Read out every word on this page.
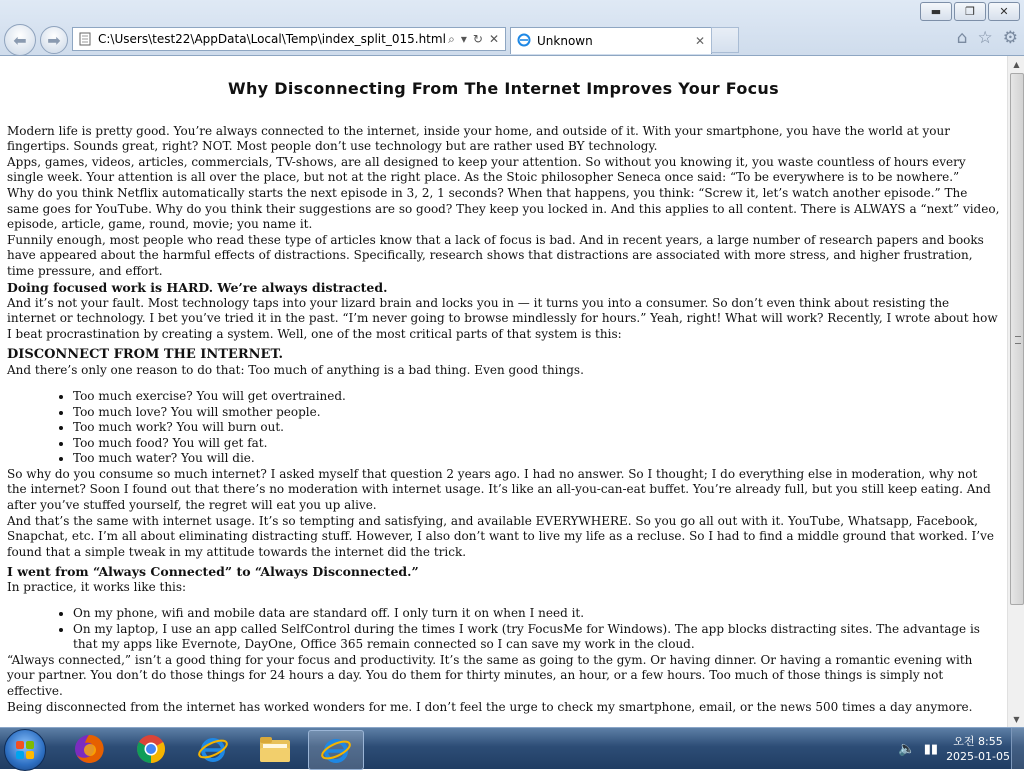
▬ ❐ ✕
⬅ ➡	C:\Users\test22\AppData\Local\Temp\index_split_015.html ⌕ ▾ ↻ ✕	Unknown	✕	⌂ ☆ ⚙
Why Disconnecting From The Internet Improves Your Focus

Modern life is pretty good. You’re always connected to the internet, inside your home, and outside of it. With your smartphone, you have the world at your fingertips. Sounds great, right? NOT. Most people don’t use technology but are rather used BY technology.

Apps, games, videos, articles, commercials, TV-shows, are all designed to keep your attention. So without you knowing it, you waste countless of hours every single week. Your attention is all over the place, but not at the right place. As the Stoic philosopher Seneca once said: “To be everywhere is to be nowhere.”

Why do you think Netflix automatically starts the next episode in 3, 2, 1 seconds? When that happens, you think: “Screw it, let’s watch another episode.” The same goes for YouTube. Why do you think their suggestions are so good? They keep you locked in. And this applies to all content. There is ALWAYS a “next” video, episode, article, game, round, movie; you name it.

Funnily enough, most people who read these type of articles know that a lack of focus is bad. And in recent years, a large number of research papers and books have appeared about the harmful effects of distractions. Specifically, research shows that distractions are associated with more stress, and higher frustration, time pressure, and effort.

Doing focused work is HARD. We’re always distracted.

And it’s not your fault. Most technology taps into your lizard brain and locks you in — it turns you into a consumer. So don’t even think about resisting the internet or technology. I bet you’ve tried it in the past. “I’m never going to browse mindlessly for hours.” Yeah, right! What will work? Recently, I wrote about how I beat procrastination by creating a system. Well, one of the most critical parts of that system is this:

DISCONNECT FROM THE INTERNET.

And there’s only one reason to do that: Too much of anything is a bad thing. Even good things.

• Too much exercise? You will get overtrained.
• Too much love? You will smother people.
• Too much work? You will burn out.
• Too much food? You will get fat.
• Too much water? You will die.

So why do you consume so much internet? I asked myself that question 2 years ago. I had no answer. So I thought; I do everything else in moderation, why not the internet? Soon I found out that there’s no moderation with internet usage. It’s like an all-you-can-eat buffet. You’re already full, but you still keep eating. And after you’ve stuffed yourself, the regret will eat you up alive.

And that’s the same with internet usage. It’s so tempting and satisfying, and available EVERYWHERE. So you go all out with it. YouTube, Whatsapp, Facebook, Snapchat, etc. I’m all about eliminating distracting stuff. However, I also don’t want to live my life as a recluse. So I had to find a middle ground that worked. I’ve found that a simple tweak in my attitude towards the internet did the trick.

I went from “Always Connected” to “Always Disconnected.”

In practice, it works like this:

• On my phone, wifi and mobile data are standard off. I only turn it on when I need it.
• On my laptop, I use an app called SelfControl during the times I work (try FocusMe for Windows). The app blocks distracting sites. The advantage is that my apps like Evernote, DayOne, Office 365 remain connected so I can save my work in the cloud.

“Always connected,” isn’t a good thing for your focus and productivity. It’s the same as going to the gym. Or having dinner. Or having a romantic evening with your partner. You don’t do those things for 24 hours a day. You do them for thirty minutes, an hour, or a few hours. Too much of those things is simply not effective.

Being disconnected from the internet has worked wonders for me. I don’t feel the urge to check my smartphone, email, or the news 500 times a day anymore.

▲
▼
🔈 ▮▮	오전 8:55
2025-01-05
